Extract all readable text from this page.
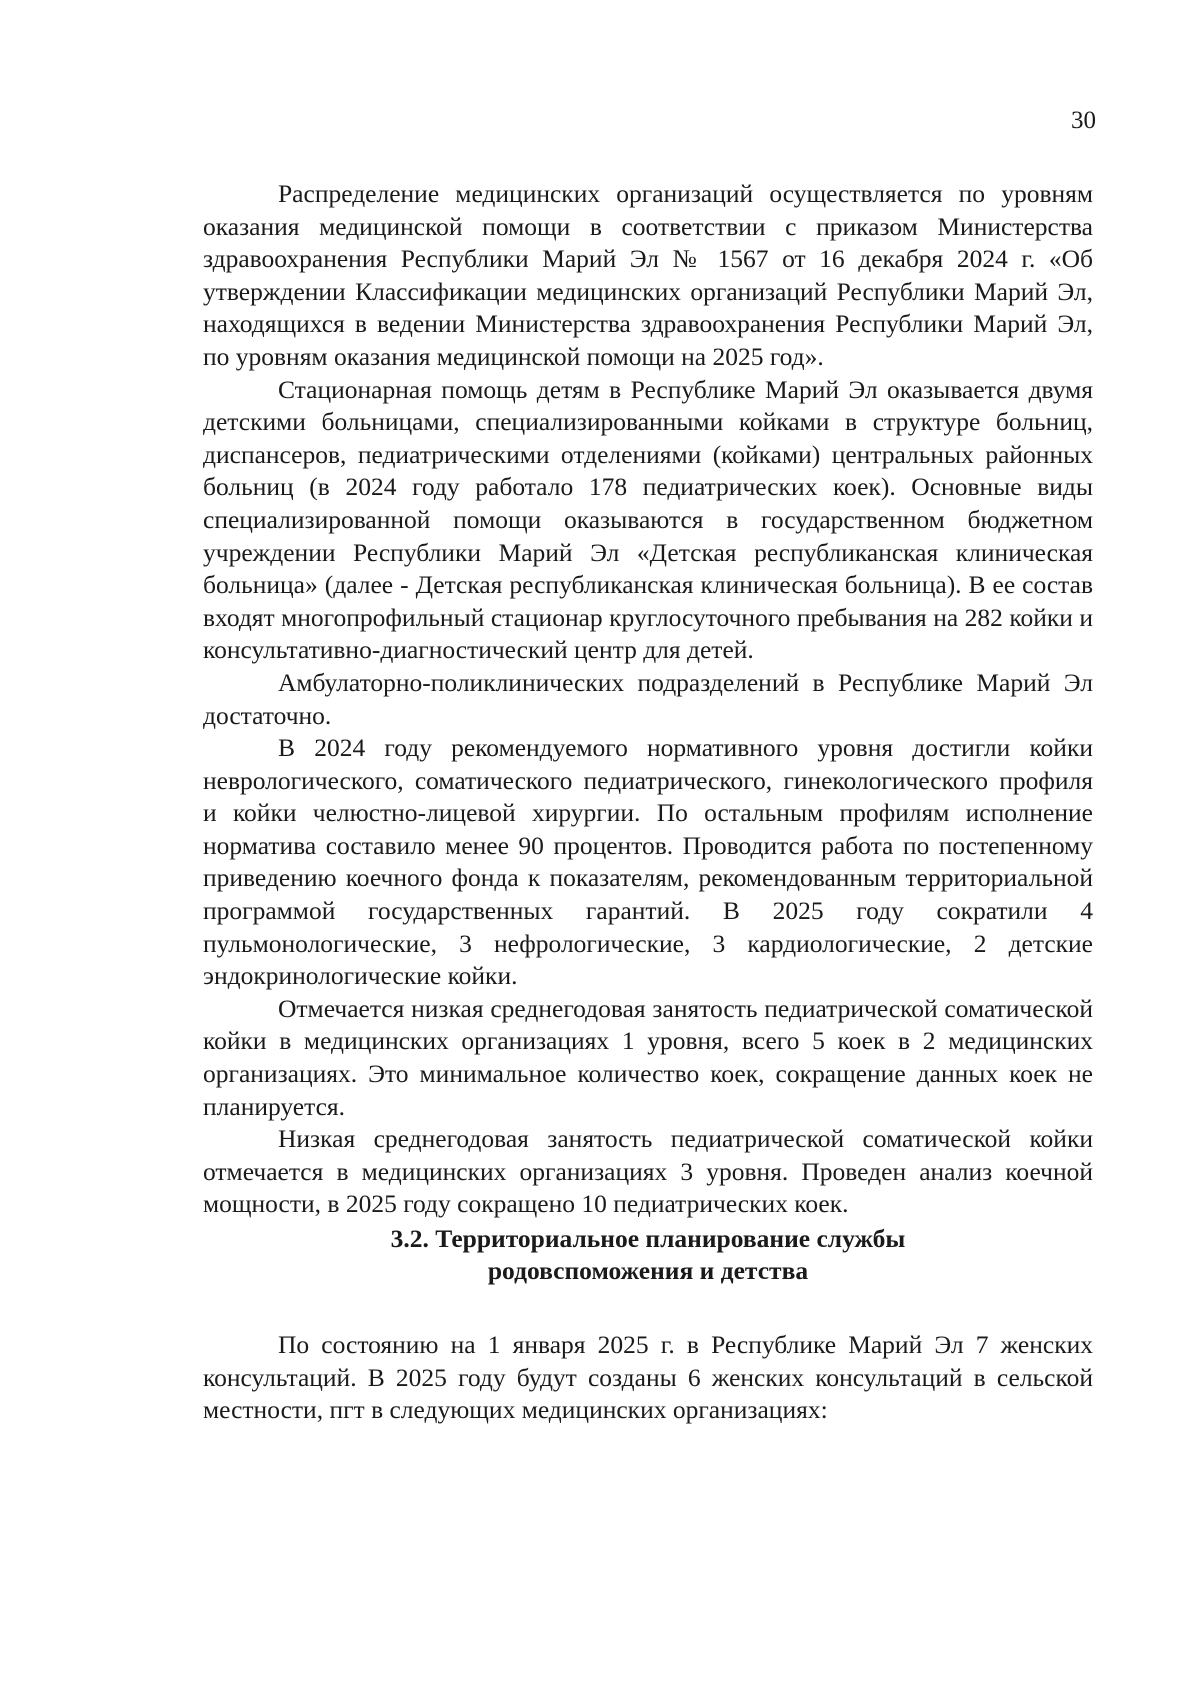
30

Распределение медицинских организаций осуществляется по уровням оказания медицинской помощи в соответствии с приказом Министерства здравоохранения Республики Марий Эл № 1567 от 16 декабря 2024 г. «Об утверждении Классификации медицинских организаций Республики Марий Эл, находящихся в ведении Министерства здравоохранения Республики Марий Эл, по уровням оказания медицинской помощи на 2025 год».

Стационарная помощь детям в Республике Марий Эл оказывается двумя детскими больницами, специализированными койками в структуре больниц, диспансеров, педиатрическими отделениями (койками) центральных районных больниц (в 2024 году работало 178 педиатрических коек). Основные виды специализированной помощи оказываются в государственном бюджетном учреждении Республики Марий Эл «Детская республиканская клиническая больница» (далее - Детская республиканская клиническая больница). В ее состав входят многопрофильный стационар круглосуточного пребывания на 282 койки и консультативно-диагностический центр для детей.

Амбулаторно-поликлинических подразделений в Республике Марий Эл достаточно.

В 2024 году рекомендуемого нормативного уровня достигли койки неврологического, соматического педиатрического, гинекологического профиля и койки челюстно-лицевой хирургии. По остальным профилям исполнение норматива составило менее 90 процентов. Проводится работа по постепенному приведению коечного фонда к показателям, рекомендованным территориальной программой государственных гарантий. В 2025 году сократили 4 пульмонологические, 3 нефрологические, 3 кардиологические, 2 детские эндокринологические койки.

Отмечается низкая среднегодовая занятость педиатрической соматической койки в медицинских организациях 1 уровня, всего 5 коек в 2 медицинских организациях. Это минимальное количество коек, сокращение данных коек не планируется.

Низкая среднегодовая занятость педиатрической соматической койки отмечается в медицинских организациях 3 уровня. Проведен анализ коечной мощности, в 2025 году сокращено 10 педиатрических коек.

3.2. Территориальное планирование службы

родовспоможения и детства

По состоянию на 1 января 2025 г. в Республике Марий Эл 7 женских консультаций. В 2025 году будут созданы 6 женских консультаций в сельской местности, пгт в следующих медицинских организациях:
